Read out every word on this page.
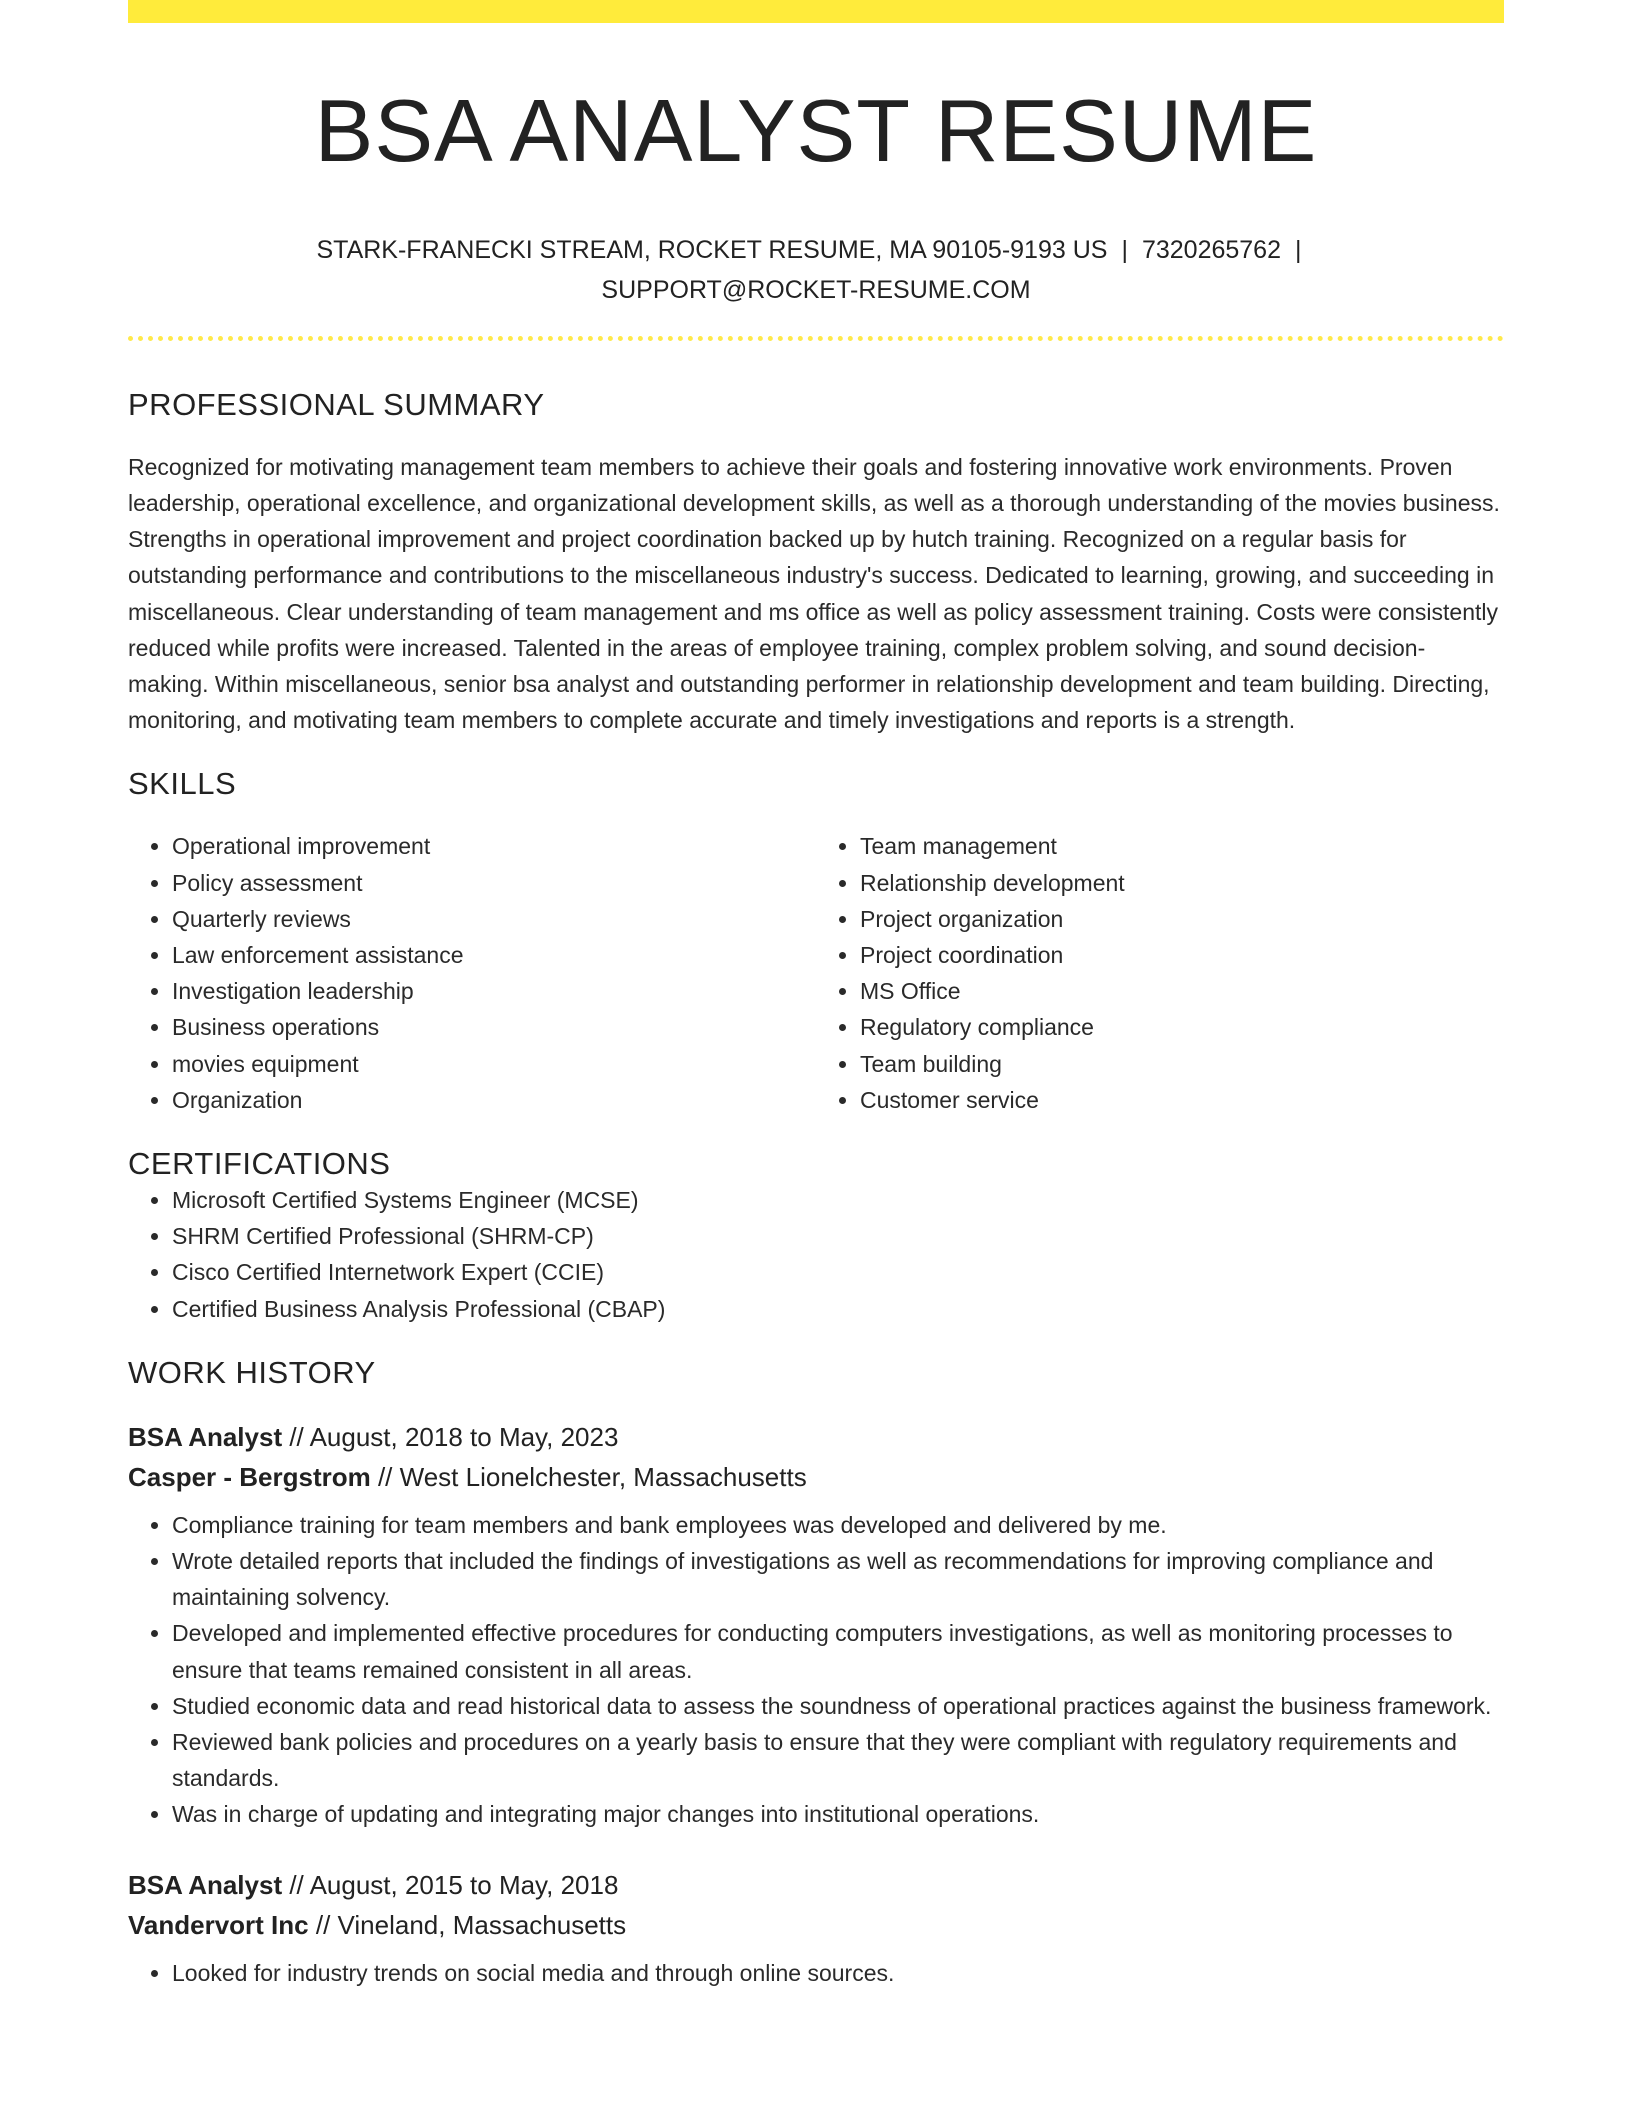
BSA ANALYST RESUME
STARK-FRANECKI STREAM, ROCKET RESUME, MA 90105-9193 US | 7320265762 |
SUPPORT@ROCKET-RESUME.COM
PROFESSIONAL SUMMARY

Recognized for motivating management team members to achieve their goals and fostering innovative work environments. Proven leadership, operational excellence, and organizational development skills, as well as a thorough understanding of the movies business. Strengths in operational improvement and project coordination backed up by hutch training. Recognized on a regular basis for outstanding performance and contributions to the miscellaneous industry's success. Dedicated to learning, growing, and succeeding in miscellaneous. Clear understanding of team management and ms office as well as policy assessment training. Costs were consistently reduced while profits were increased. Talented in the areas of employee training, complex problem solving, and sound decision-making. Within miscellaneous, senior bsa analyst and outstanding performer in relationship development and team building. Directing, monitoring, and motivating team members to complete accurate and timely investigations and reports is a strength.

SKILLS
• Operational improvement
• Policy assessment
• Quarterly reviews
• Law enforcement assistance
• Investigation leadership
• Business operations
• movies equipment
• Organization
• Team management
• Relationship development
• Project organization
• Project coordination
• MS Office
• Regulatory compliance
• Team building
• Customer service
CERTIFICATIONS
• Microsoft Certified Systems Engineer (MCSE)
• SHRM Certified Professional (SHRM-CP)
• Cisco Certified Internetwork Expert (CCIE)
• Certified Business Analysis Professional (CBAP)
WORK HISTORY
BSA Analyst // August, 2018 to May, 2023
Casper - Bergstrom // West Lionelchester, Massachusetts
• Compliance training for team members and bank employees was developed and delivered by me.
• Wrote detailed reports that included the findings of investigations as well as recommendations for improving compliance and maintaining solvency.
• Developed and implemented effective procedures for conducting computers investigations, as well as monitoring processes to ensure that teams remained consistent in all areas.
• Studied economic data and read historical data to assess the soundness of operational practices against the business framework.
• Reviewed bank policies and procedures on a yearly basis to ensure that they were compliant with regulatory requirements and standards.
• Was in charge of updating and integrating major changes into institutional operations.
BSA Analyst // August, 2015 to May, 2018
Vandervort Inc // Vineland, Massachusetts
• Looked for industry trends on social media and through online sources.
